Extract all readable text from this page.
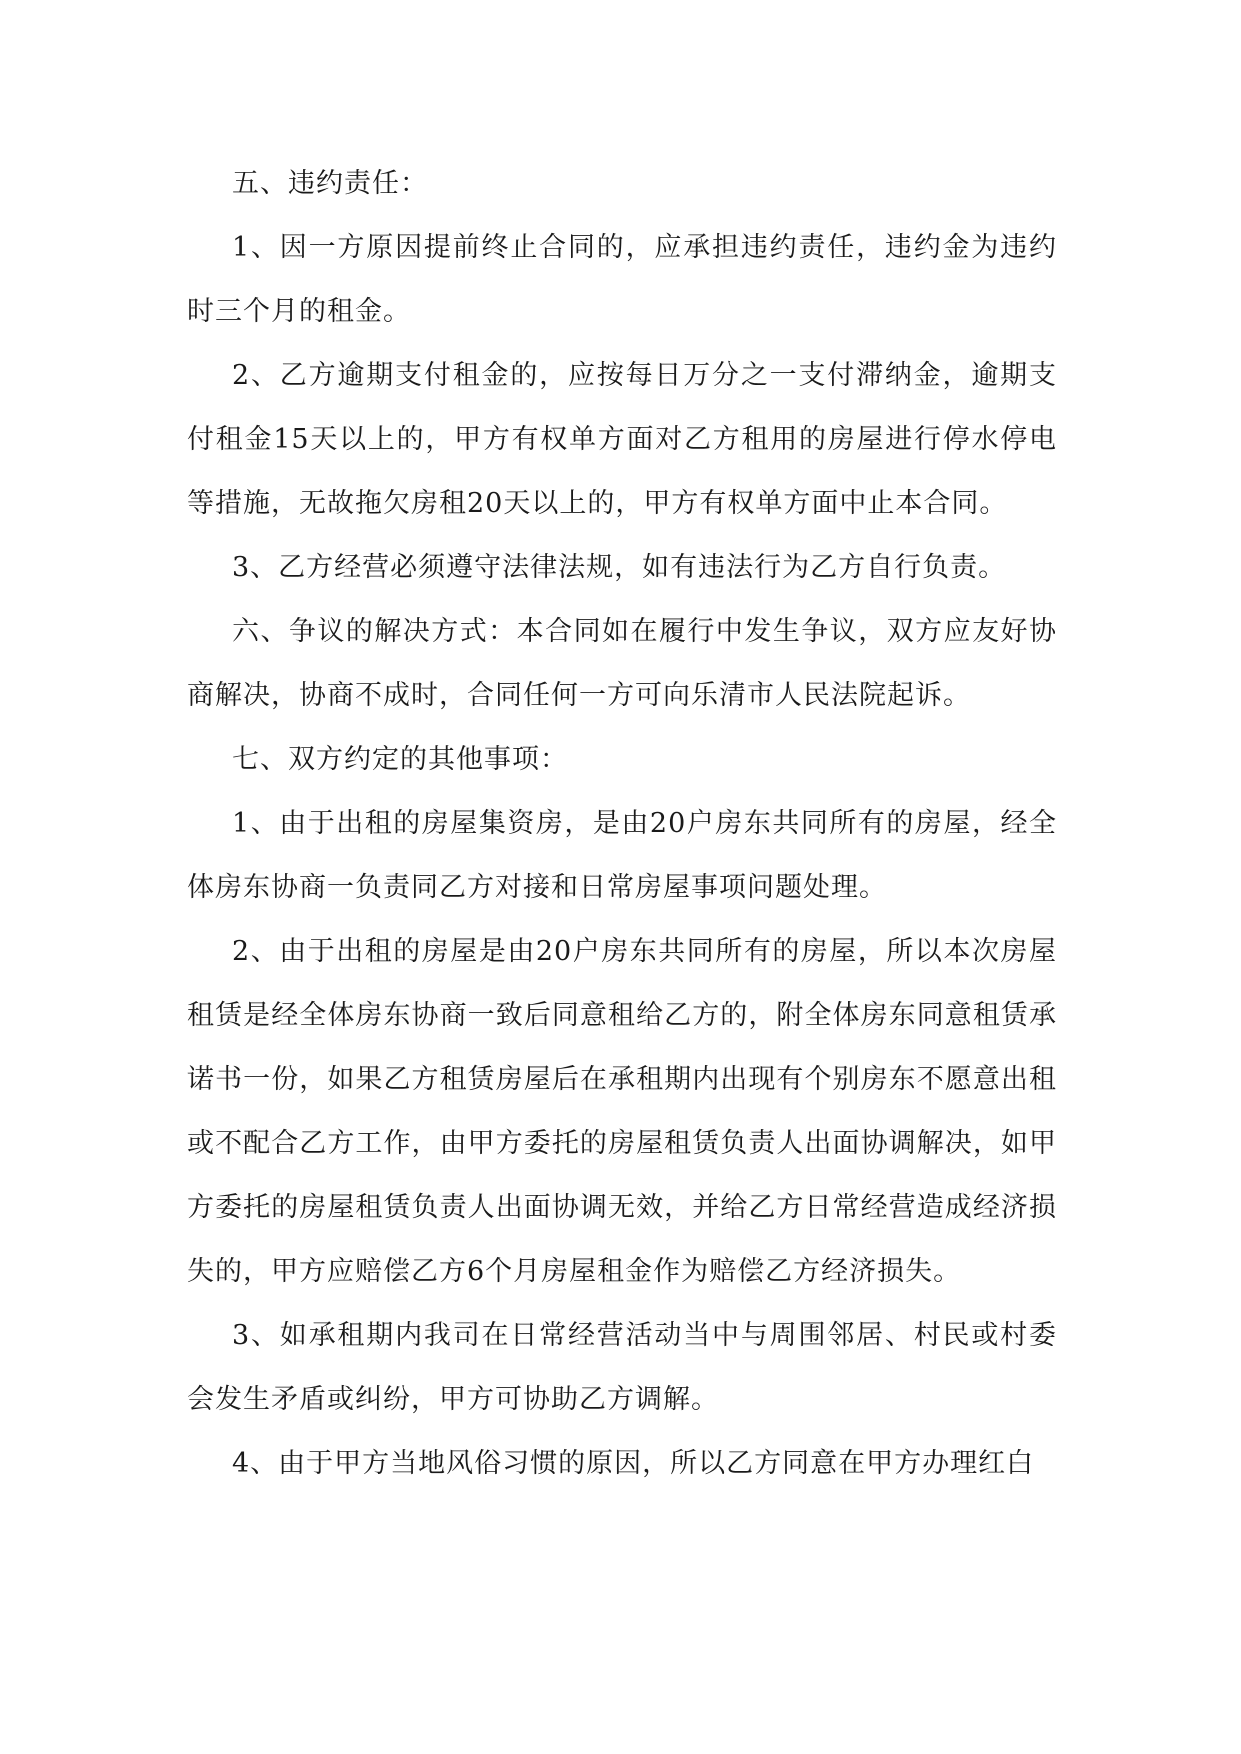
五、违约责任：

1、因一方原因提前终止合同的，应承担违约责任，违约金为违约时三个月的租金。

2、乙方逾期支付租金的，应按每日万分之一支付滞纳金，逾期支付租金15天以上的，甲方有权单方面对乙方租用的房屋进行停水停电等措施，无故拖欠房租20天以上的，甲方有权单方面中止本合同。

3、乙方经营必须遵守法律法规，如有违法行为乙方自行负责。

六、争议的解决方式：本合同如在履行中发生争议，双方应友好协商解决，协商不成时，合同任何一方可向乐清市人民法院起诉。

七、双方约定的其他事项：

1、由于出租的房屋集资房，是由20户房东共同所有的房屋，经全体房东协商一负责同乙方对接和日常房屋事项问题处理。

2、由于出租的房屋是由20户房东共同所有的房屋，所以本次房屋租赁是经全体房东协商一致后同意租给乙方的，附全体房东同意租赁承诺书一份，如果乙方租赁房屋后在承租期内出现有个别房东不愿意出租或不配合乙方工作，由甲方委托的房屋租赁负责人出面协调解决，如甲方委托的房屋租赁负责人出面协调无效，并给乙方日常经营造成经济损失的，甲方应赔偿乙方6个月房屋租金作为赔偿乙方经济损失。

3、如承租期内我司在日常经营活动当中与周围邻居、村民或村委会发生矛盾或纠纷，甲方可协助乙方调解。

4、由于甲方当地风俗习惯的原因，所以乙方同意在甲方办理红白
